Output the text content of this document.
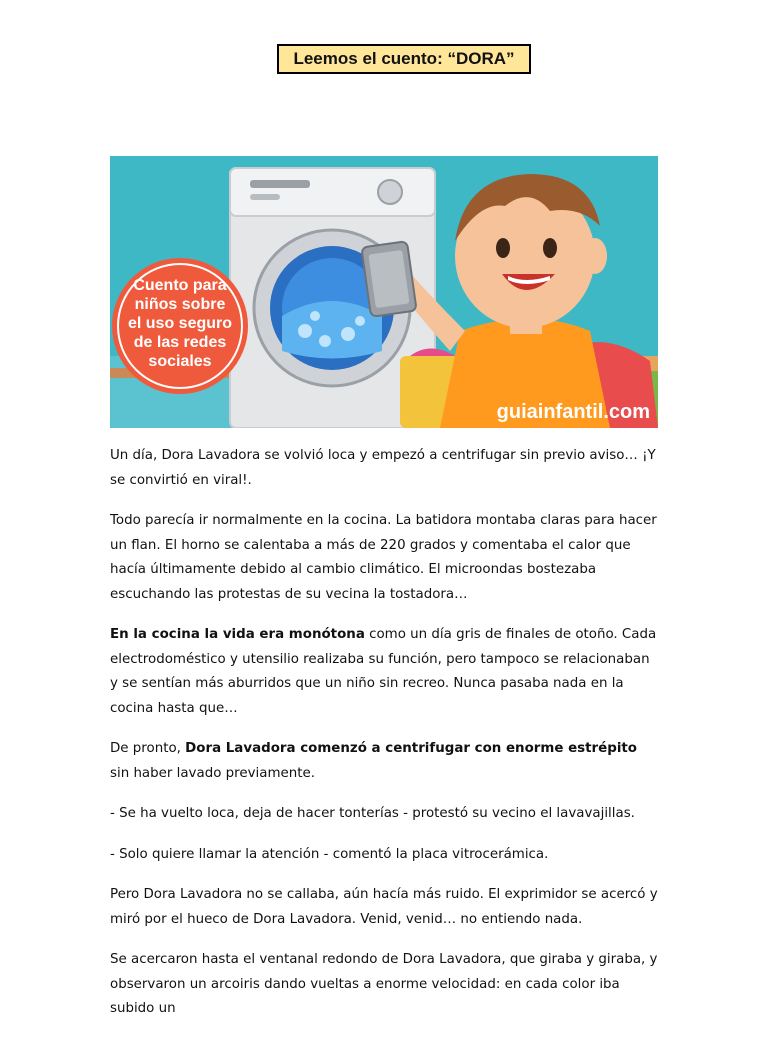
Leemos el cuento: “DORA”
Cuento para
niños sobre
el uso seguro
de las redes
sociales
guiainfantil.com

Un día, Dora Lavadora se volvió loca y empezó a centrifugar sin previo aviso… ¡Y se convirtió en viral!.

Todo parecía ir normalmente en la cocina. La batidora montaba claras para hacer un flan. El horno se calentaba a más de 220 grados y comentaba el calor que hacía últimamente debido al cambio climático. El microondas bostezaba escuchando las protestas de su vecina la tostadora…

En la cocina la vida era monótona como un día gris de finales de otoño. Cada electrodoméstico y utensilio realizaba su función, pero tampoco se relacionaban y se sentían más aburridos que un niño sin recreo. Nunca pasaba nada en la cocina hasta que…

De pronto, Dora Lavadora comenzó a centrifugar con enorme estrépito sin haber lavado previamente.

- Se ha vuelto loca, deja de hacer tonterías - protestó su vecino el lavavajillas.

- Solo quiere llamar la atención - comentó la placa vitrocerámica.

Pero Dora Lavadora no se callaba, aún hacía más ruido. El exprimidor se acercó y miró por el hueco de Dora Lavadora. Venid, venid… no entiendo nada.

Se acercaron hasta el ventanal redondo de Dora Lavadora, que giraba y giraba, y observaron un arcoiris dando vueltas a enorme velocidad: en cada color iba subido un
